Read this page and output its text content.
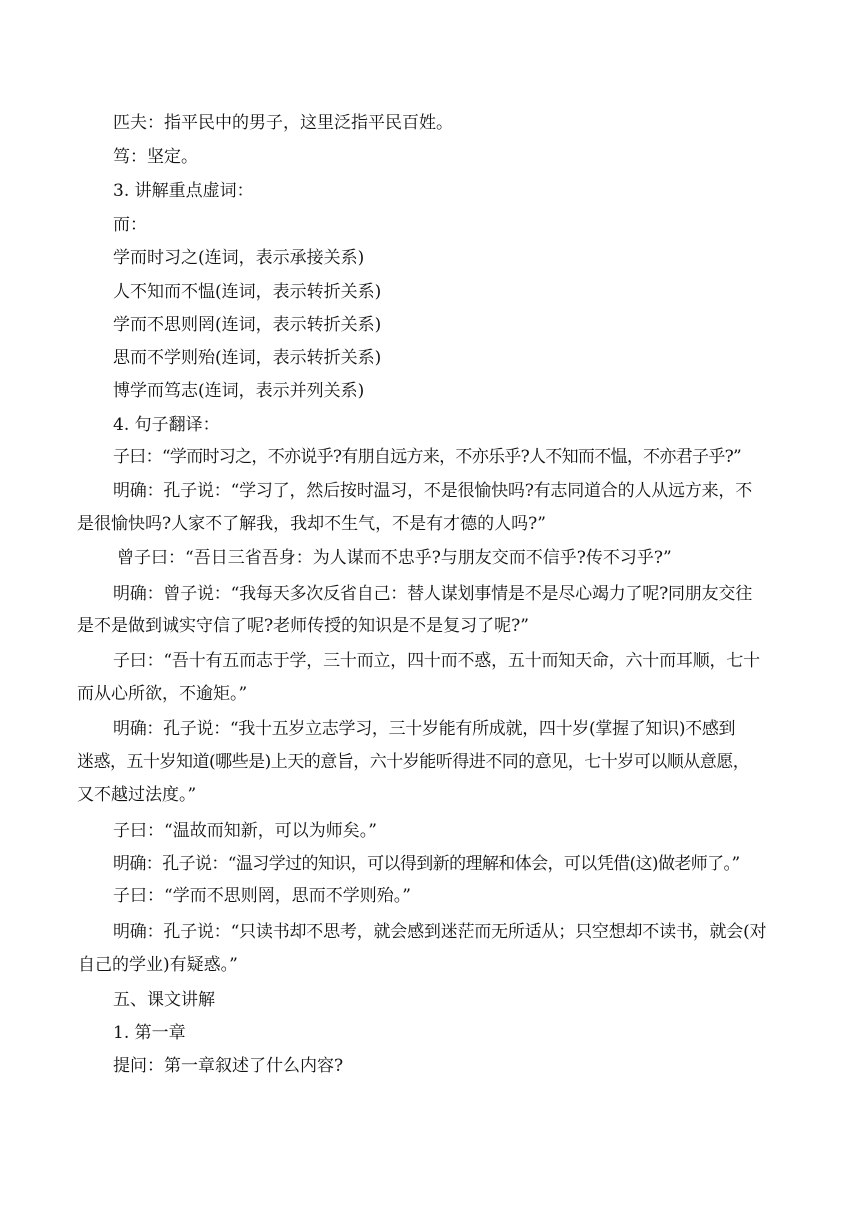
匹夫：指平民中的男子，这里泛指平民百姓。

笃：坚定。

3. 讲解重点虚词：

而：

学而时习之(连词，表示承接关系)

人不知而不愠(连词，表示转折关系)

学而不思则罔(连词，表示转折关系)

思而不学则殆(连词，表示转折关系)

博学而笃志(连词，表示并列关系)

4. 句子翻译：

子曰：“学而时习之，不亦说乎?有朋自远方来，不亦乐乎?人不知而不愠，不亦君子乎?”

明确：孔子说：“学习了，然后按时温习，不是很愉快吗?有志同道合的人从远方来，不

是很愉快吗?人家不了解我，我却不生气，不是有才德的人吗?”

曾子曰：“吾日三省吾身：为人谋而不忠乎?与朋友交而不信乎?传不习乎?”

明确：曾子说：“我每天多次反省自己：替人谋划事情是不是尽心竭力了呢?同朋友交往

是不是做到诚实守信了呢?老师传授的知识是不是复习了呢?”

子曰：“吾十有五而志于学，三十而立，四十而不惑，五十而知天命，六十而耳顺，七十

而从心所欲，不逾矩。”

明确：孔子说：“我十五岁立志学习，三十岁能有所成就，四十岁(掌握了知识)不感到

迷惑，五十岁知道(哪些是)上天的意旨，六十岁能听得进不同的意见，七十岁可以顺从意愿，

又不越过法度。”

子曰：“温故而知新，可以为师矣。”

明确：孔子说：“温习学过的知识，可以得到新的理解和体会，可以凭借(这)做老师了。”

子曰：“学而不思则罔，思而不学则殆。”

明确：孔子说：“只读书却不思考，就会感到迷茫而无所适从；只空想却不读书，就会(对

自己的学业)有疑惑。”

五、课文讲解

1. 第一章

提问：第一章叙述了什么内容?
